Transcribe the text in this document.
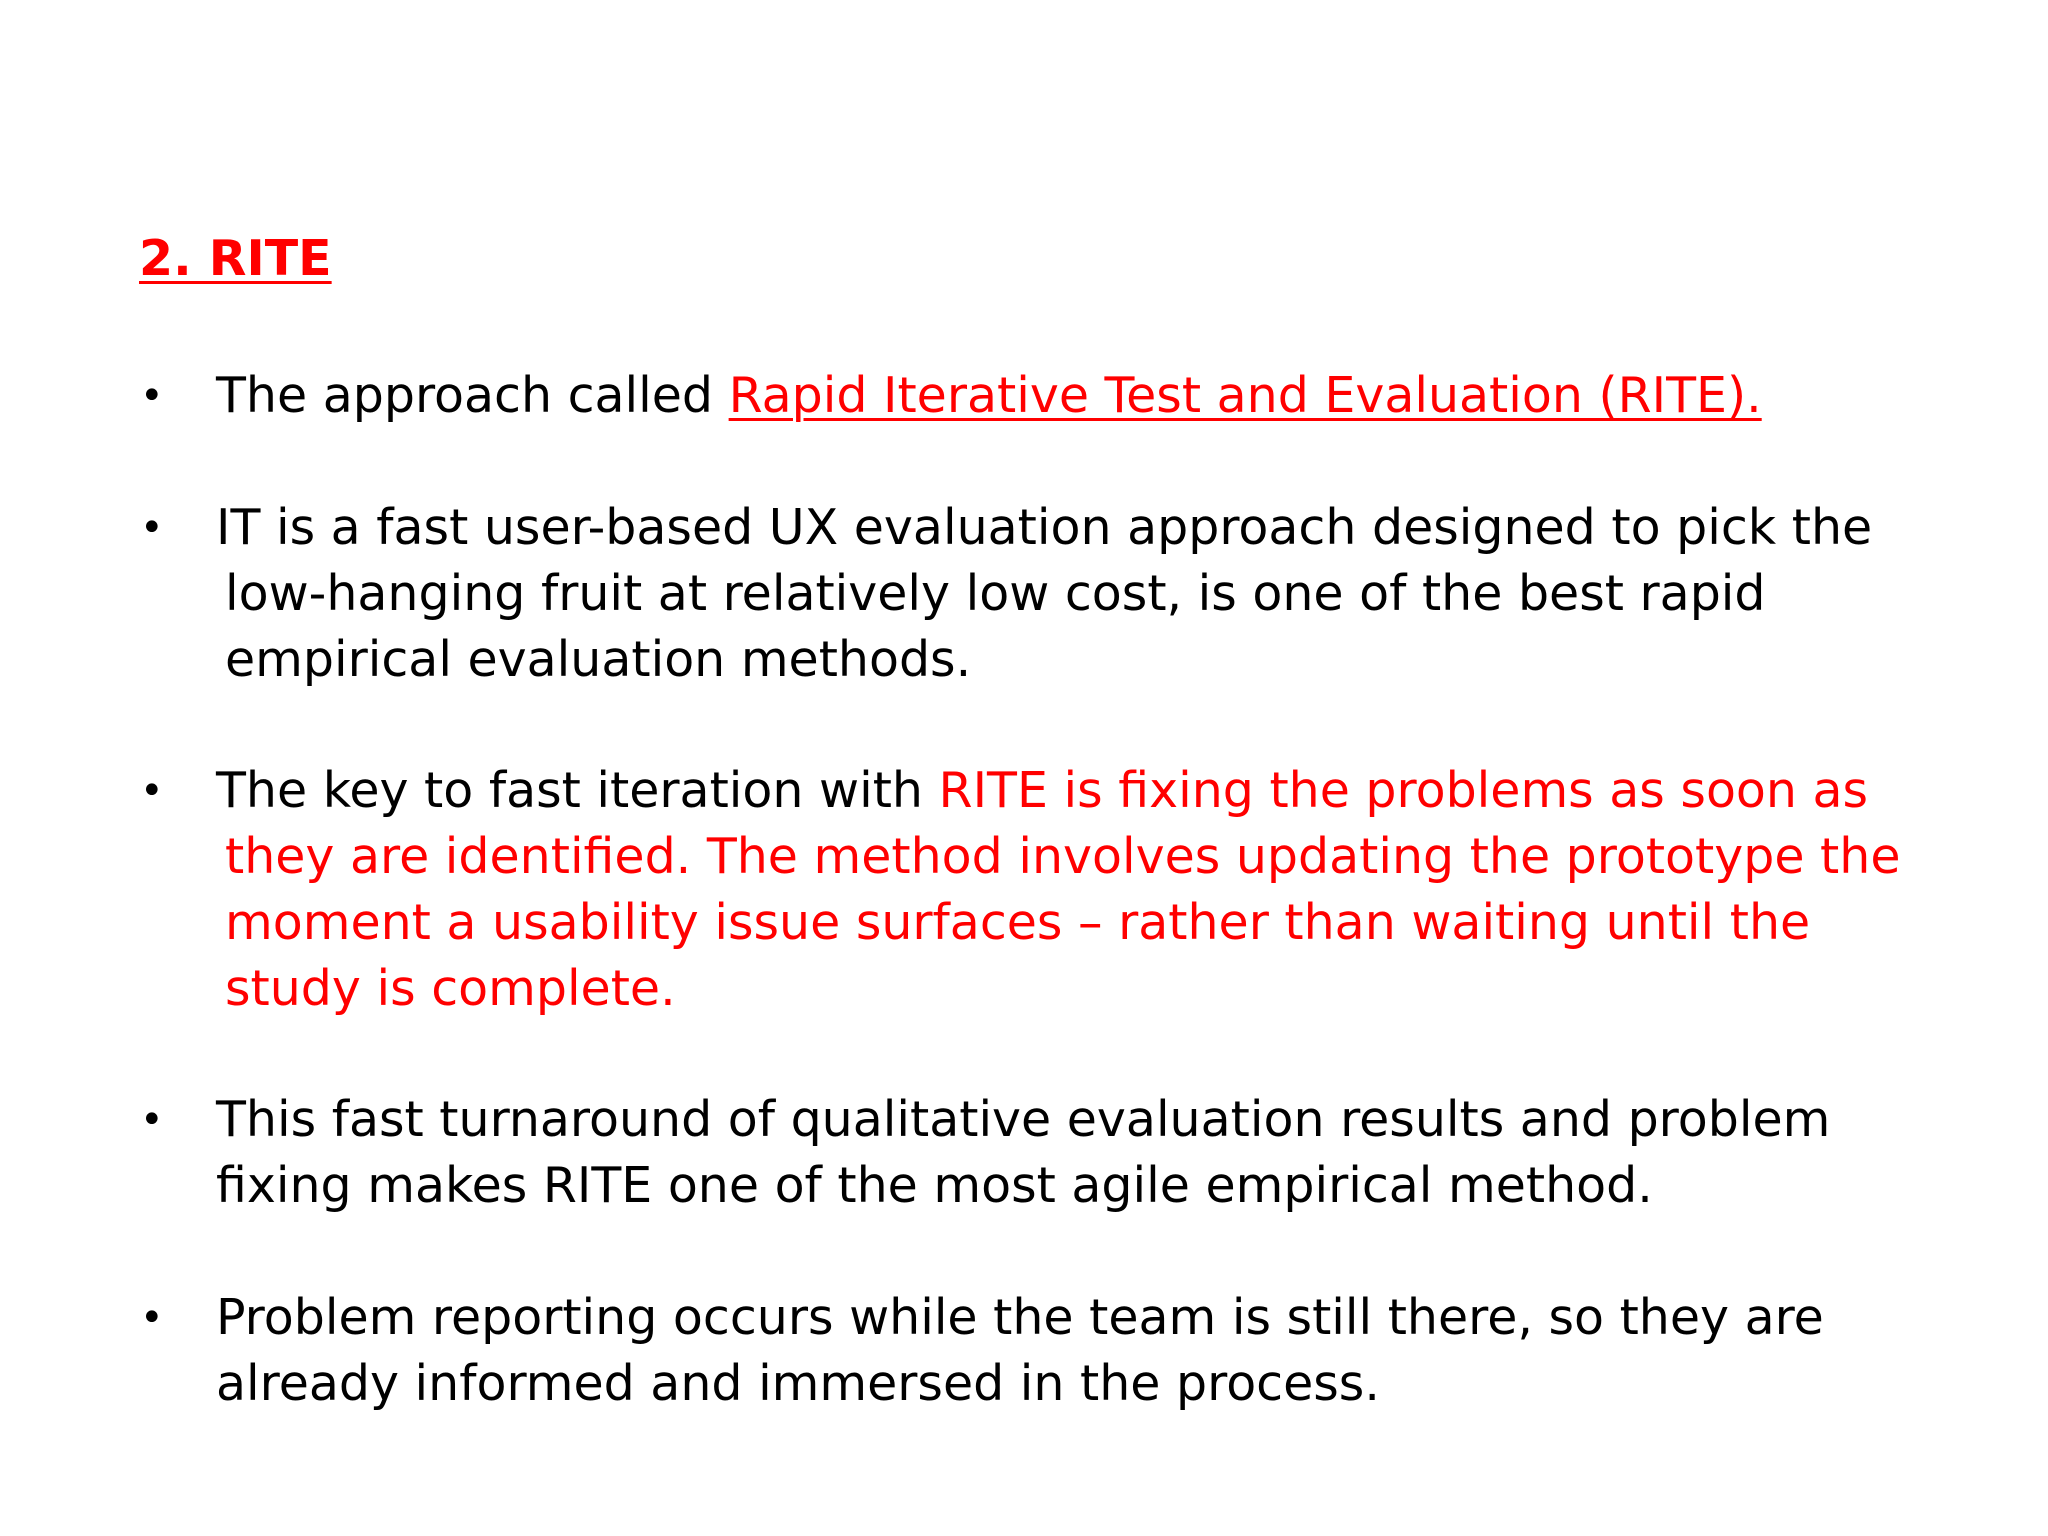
2. RITE
• The approach called Rapid Iterative Test and Evaluation (RITE).
• IT is a fast user-based UX evaluation approach designed to pick the
low-hanging fruit at relatively low cost, is one of the best rapid
empirical evaluation methods.
• The key to fast iteration with RITE is fixing the problems as soon as
they are identified. The method involves updating the prototype the
moment a usability issue surfaces – rather than waiting until the
study is complete.
• This fast turnaround of qualitative evaluation results and problem
fixing makes RITE one of the most agile empirical method.
• Problem reporting occurs while the team is still there, so they are
already informed and immersed in the process.
